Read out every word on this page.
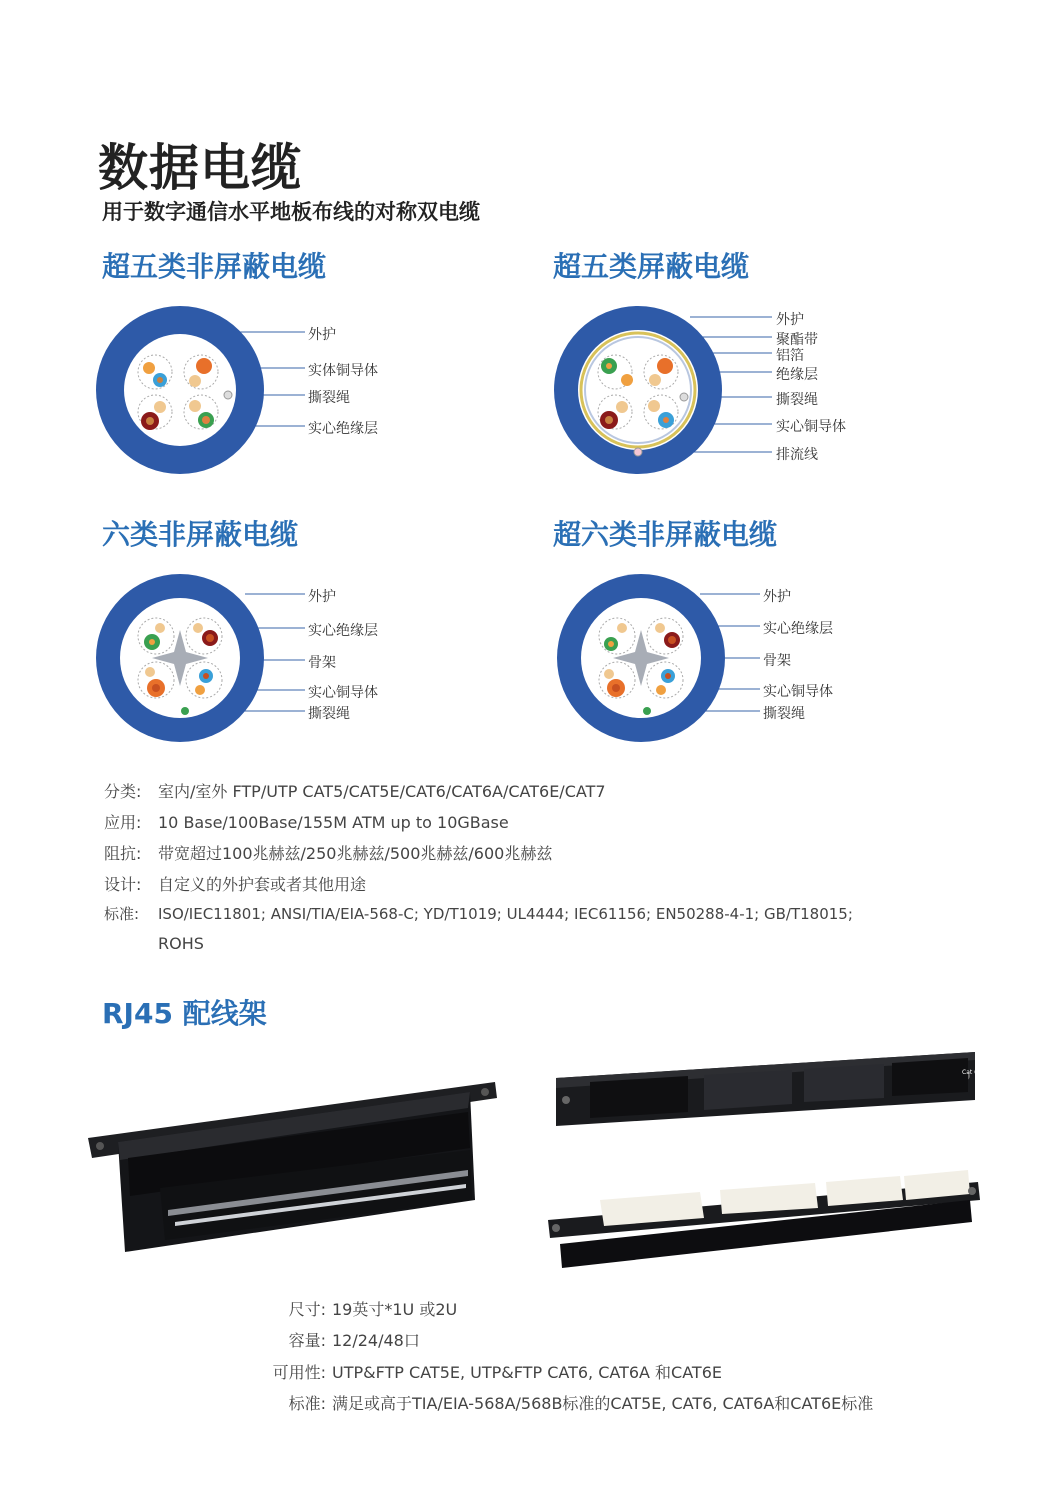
数据电缆
用于数字通信水平地板布线的对称双电缆
超五类非屏蔽电缆	超五类屏蔽电缆
六类非屏蔽电缆	超六类非屏蔽电缆
外护
实体铜导体
撕裂绳
实心绝缘层
外护
聚酯带
铝箔
绝缘层
撕裂绳
实心铜导体
排流线
外护
实心绝缘层
骨架
实心铜导体
撕裂绳
外护
实心绝缘层
骨架
实心铜导体
撕裂绳
分类: 室内/室外 FTP/UTP CAT5/CAT5E/CAT6/CAT6A/CAT6E/CAT7
应用: 10 Base/100Base/155M ATM up to 10GBase
阻抗: 带宽超过100兆赫兹/250兆赫兹/500兆赫兹/600兆赫兹
设计: 自定义的外护套或者其他用途
标准: ISO/IEC11801; ANSI/TIA/EIA-568-C; YD/T1019; UL4444; IEC61156; EN50288-4-1; GB/T18015;
ROHS
RJ45 配线架
Cat 6
尺寸: 19英寸*1U 或2U
容量: 12/24/48口
可用性: UTP&FTP CAT5E, UTP&FTP CAT6, CAT6A 和CAT6E
标准: 满足或高于TIA/EIA-568A/568B标准的CAT5E, CAT6, CAT6A和CAT6E标准
